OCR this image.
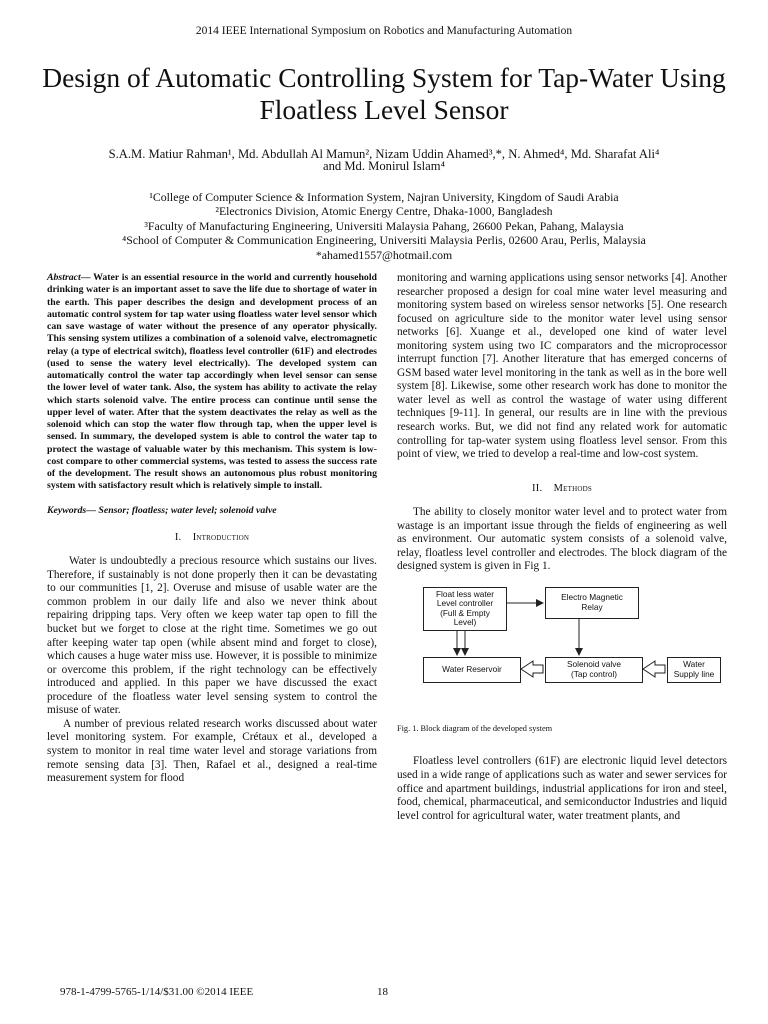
2014 IEEE International Symposium on Robotics and Manufacturing Automation
Design of Automatic Controlling System for Tap-Water Using Floatless Level Sensor
S.A.M. Matiur Rahman¹, Md. Abdullah Al Mamun², Nizam Uddin Ahamed³,*, N. Ahmed⁴, Md. Sharafat Ali⁴
and Md. Monirul Islam⁴
¹College of Computer Science & Information System, Najran University, Kingdom of Saudi Arabia
²Electronics Division, Atomic Energy Centre, Dhaka-1000, Bangladesh
³Faculty of Manufacturing Engineering, Universiti Malaysia Pahang, 26600 Pekan, Pahang, Malaysia
⁴School of Computer & Communication Engineering, Universiti Malaysia Perlis, 02600 Arau, Perlis, Malaysia
*ahamed1557@hotmail.com

Abstract— Water is an essential resource in the world and currently household drinking water is an important asset to save the life due to shortage of water in the earth. This paper describes the design and development process of an automatic control system for tap water using floatless water level sensor which can save wastage of water without the presence of any operator physically. This sensing system utilizes a combination of a solenoid valve, electromagnetic relay (a type of electrical switch), floatless level controller (61F) and electrodes (used to sense the watery level electrically). The developed system can automatically control the water tap accordingly when level sensor can sense the lower level of water tank. Also, the system has ability to activate the relay which starts solenoid valve. The entire process can continue until sense the upper level of water. After that the system deactivates the relay as well as the solenoid which can stop the water flow through tap, when the upper level is sensed. In summary, the developed system is able to control the water tap to protect the wastage of valuable water by this mechanism. This system is low-cost compare to other commercial systems, was tested to assess the success rate of the development. The result shows an autonomous plus robust monitoring system with satisfactory result which is relatively simple to install.

Keywords— Sensor; floatless; water level; solenoid valve

I. Introduction

Water is undoubtedly a precious resource which sustains our lives. Therefore, if sustainably is not done properly then it can be devastating to our communities [1, 2]. Overuse and misuse of usable water are the common problem in our daily life and also we never think about repairing dripping taps. Very often we keep water tap open to fill the bucket but we forget to close at the right time. Sometimes we go out after keeping water tap open (while absent mind and forget to close), which causes a huge water miss use. However, it is possible to minimize or overcome this problem, if the right technology can be effectively introduced and applied. In this paper we have discussed the exact procedure of the floatless water level sensing system to control the misuse of water.

A number of previous related research works discussed about water level monitoring system. For example, Crétaux et al., developed a system to monitor in real time water level and storage variations from remote sensing data [3]. Then, Rafael et al., designed a real-time measurement system for flood

monitoring and warning applications using sensor networks [4]. Another researcher proposed a design for coal mine water level measuring and monitoring system based on wireless sensor networks [5]. One research focused on agriculture side to the monitor water level using sensor networks [6]. Xuange et al., developed one kind of water level monitoring system using two IC comparators and the microprocessor interrupt function [7]. Another literature that has emerged concerns of GSM based water level monitoring in the tank as well as in the bore well system [8]. Likewise, some other research work has done to monitor the water level as well as control the wastage of water using different techniques [9-11]. In general, our results are in line with the previous research works. But, we did not find any related work for automatic controlling for tap-water system using floatless level sensor. From this point of view, we tried to develop a real-time and low-cost system.

II. Methods

The ability to closely monitor water level and to protect water from wastage is an important issue through the fields of engineering as well as environment. Our automatic system consists of a solenoid valve, relay, floatless level controller and electrodes. The block diagram of the designed system is given in Fig 1.

Float less water
Level controller
(Full & Empty
Level)
Electro Magnetic
Relay
Water Reservoir	Solenoid valve
(Tap control)
Water
Supply line
Fig. 1. Block diagram of the developed system

Floatless level controllers (61F) are electronic liquid level detectors used in a wide range of applications such as water and sewer services for office and apartment buildings, industrial applications for iron and steel, food, chemical, pharmaceutical, and semiconductor Industries and liquid level control for agricultural water, water treatment plants, and

978-1-4799-5765-1/14/$31.00 ©2014 IEEE	18
